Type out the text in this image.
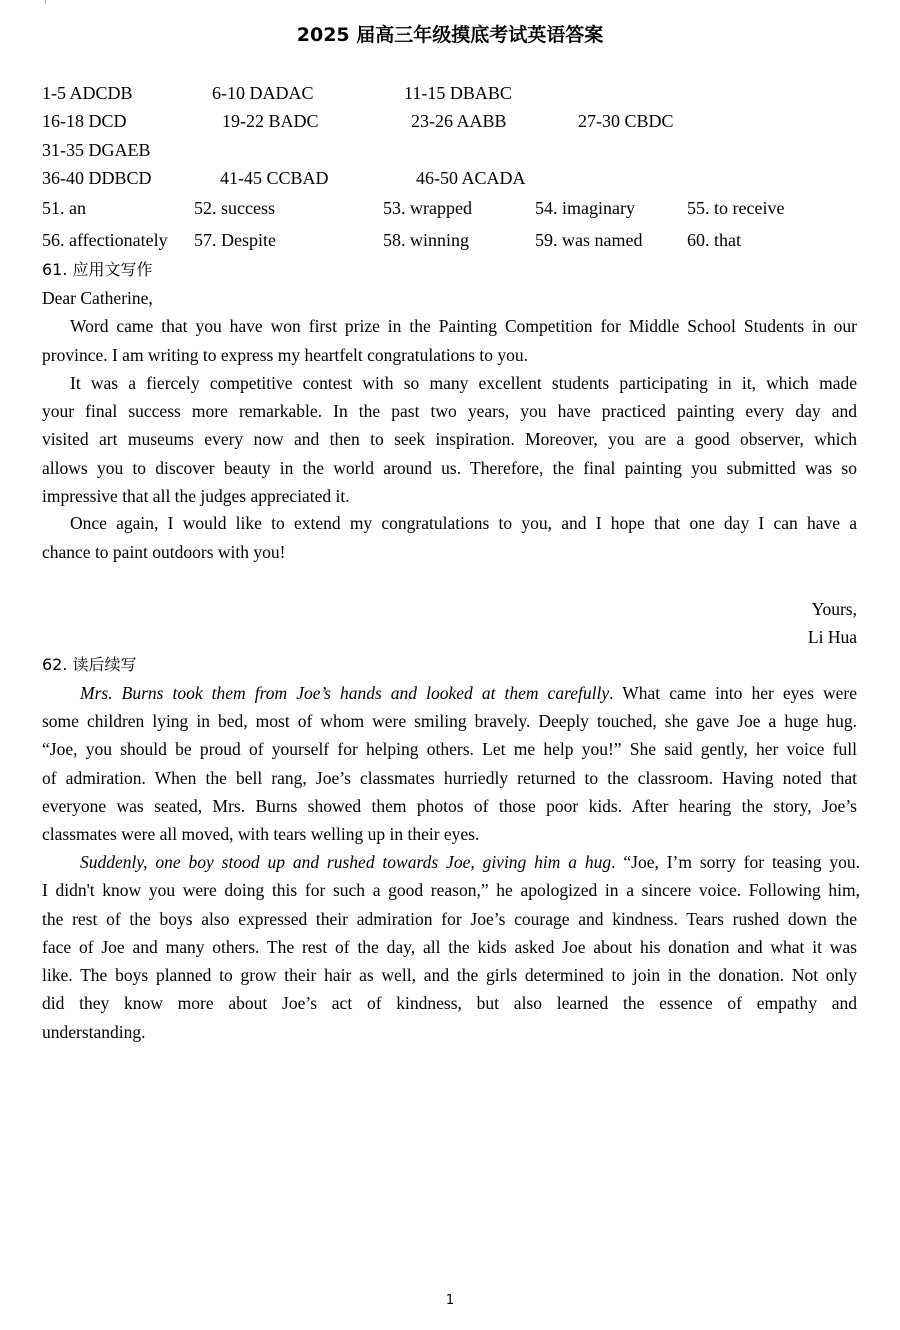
2025 届高三年级摸底考试英语答案
1-5 ADCDB	6-10 DADAC	11-15 DBABC
16-18 DCD	19-22 BADC	23-26 AABB	27-30 CBDC
31-35 DGAEB
36-40 DDBCD	41-45 CCBAD	46-50 ACADA
51. an	52. success	53. wrapped	54. imaginary	55. to receive
56. affectionately 57. Despite	58. winning	59. was named 60. that
61. 应用文写作
Dear Catherine,
Word came that you have won first prize in the Painting Competition for Middle School Students in our
province. I am writing to express my heartfelt congratulations to you.
It was a fiercely competitive contest with so many excellent students participating in it, which made
your final success more remarkable. In the past two years, you have practiced painting every day and
visited art museums every now and then to seek inspiration. Moreover, you are a good observer, which
allows you to discover beauty in the world around us. Therefore, the final painting you submitted was so
impressive that all the judges appreciated it.
Once again, I would like to extend my congratulations to you, and I hope that one day I can have a
chance to paint outdoors with you!
Yours,
Li Hua
62. 读后续写
Mrs. Burns took them from Joe’s hands and looked at them carefully. What came into her eyes were
some children lying in bed, most of whom were smiling bravely. Deeply touched, she gave Joe a huge hug.
“Joe, you should be proud of yourself for helping others. Let me help you!” She said gently, her voice full
of admiration. When the bell rang, Joe’s classmates hurriedly returned to the classroom. Having noted that
everyone was seated, Mrs. Burns showed them photos of those poor kids. After hearing the story, Joe’s
classmates were all moved, with tears welling up in their eyes.
Suddenly, one boy stood up and rushed towards Joe, giving him a hug. “Joe, I’m sorry for teasing you.
I didn't know you were doing this for such a good reason,” he apologized in a sincere voice. Following him,
the rest of the boys also expressed their admiration for Joe’s courage and kindness. Tears rushed down the
face of Joe and many others. The rest of the day, all the kids asked Joe about his donation and what it was
like. The boys planned to grow their hair as well, and the girls determined to join in the donation. Not only
did they know more about Joe’s act of kindness, but also learned the essence of empathy and
understanding.
1
